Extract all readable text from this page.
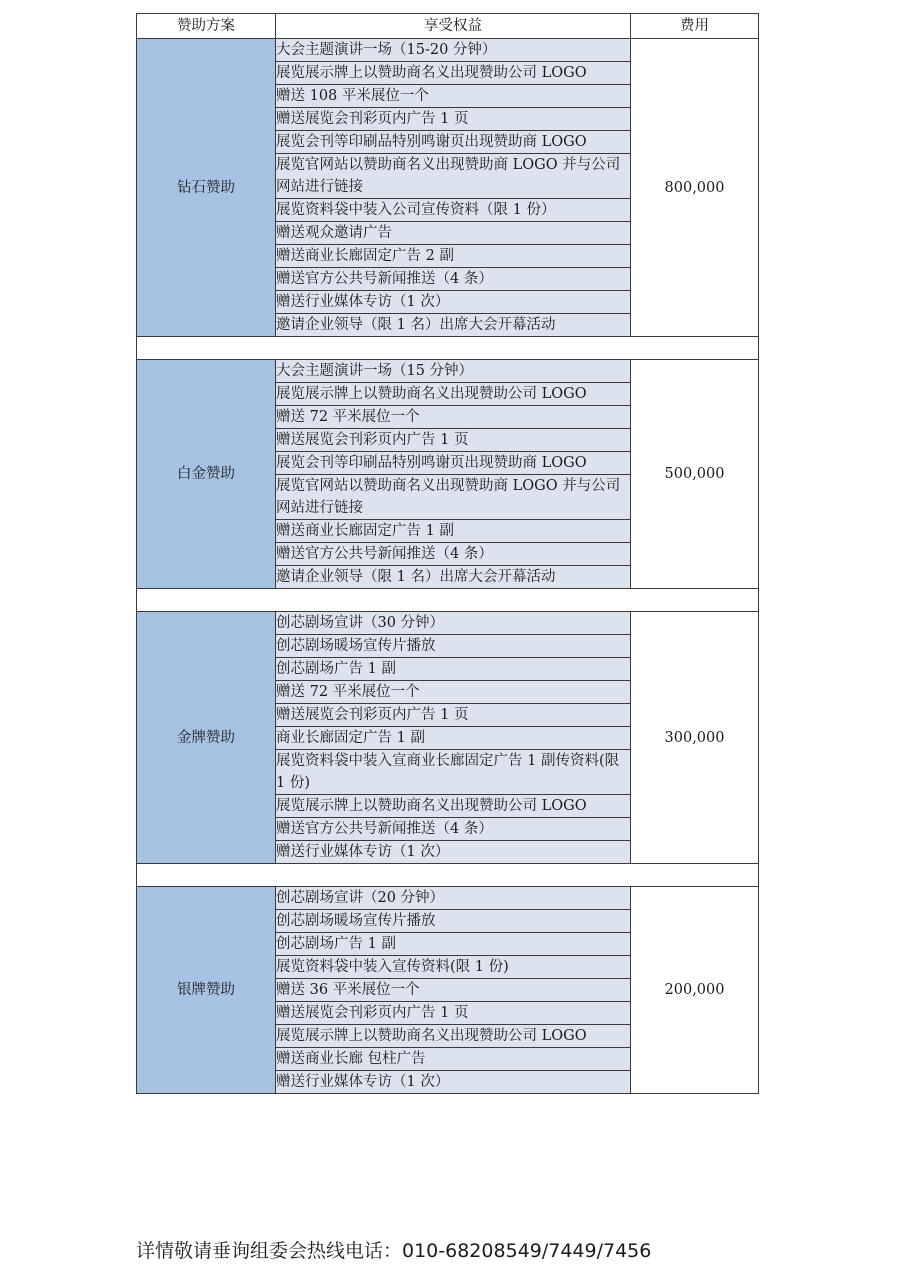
赞助方案	享受权益	费用
钻石赞助	大会主题演讲一场（15-20 分钟）	800,000
	展览展示牌上以赞助商名义出现赞助公司 LOGO	
	赠送 108 平米展位一个	
	赠送展览会刊彩页内广告 1 页	
	展览会刊等印刷品特别鸣谢页出现赞助商 LOGO	
	展览官网站以赞助商名义出现赞助商 LOGO 并与公司网站进行链接	
	展览资料袋中装入公司宣传资料（限 1 份）	
	赠送观众邀请广告	
	赠送商业长廊固定广告 2 副	
	赠送官方公共号新闻推送（4 条）	
	赠送行业媒体专访（1 次）	
	邀请企业领导（限 1 名）出席大会开幕活动	

白金赞助	大会主题演讲一场（15 分钟）	500,000
	展览展示牌上以赞助商名义出现赞助公司 LOGO	
	赠送 72 平米展位一个	
	赠送展览会刊彩页内广告 1 页	
	展览会刊等印刷品特别鸣谢页出现赞助商 LOGO	
	展览官网站以赞助商名义出现赞助商 LOGO 并与公司网站进行链接	
	赠送商业长廊固定广告 1 副	
	赠送官方公共号新闻推送（4 条）	
	邀请企业领导（限 1 名）出席大会开幕活动	

金牌赞助	创芯剧场宣讲（30 分钟）	300,000
	创芯剧场暖场宣传片播放	
	创芯剧场广告 1 副	
	赠送 72 平米展位一个	
	赠送展览会刊彩页内广告 1 页	
	商业长廊固定广告 1 副	
	展览资料袋中装入宣商业长廊固定广告 1 副传资料(限 1 份)	
	展览展示牌上以赞助商名义出现赞助公司 LOGO	
	赠送官方公共号新闻推送（4 条）	
	赠送行业媒体专访（1 次）	

银牌赞助	创芯剧场宣讲（20 分钟）	200,000
	创芯剧场暖场宣传片播放	
	创芯剧场广告 1 副	
	展览资料袋中装入宣传资料(限 1 份)	
	赠送 36 平米展位一个	
	赠送展览会刊彩页内广告 1 页	
	展览展示牌上以赞助商名义出现赞助公司 LOGO	
	赠送商业长廊 包柱广告	
	赠送行业媒体专访（1 次）	
详情敬请垂询组委会热线电话：010-68208549/7449/7456
